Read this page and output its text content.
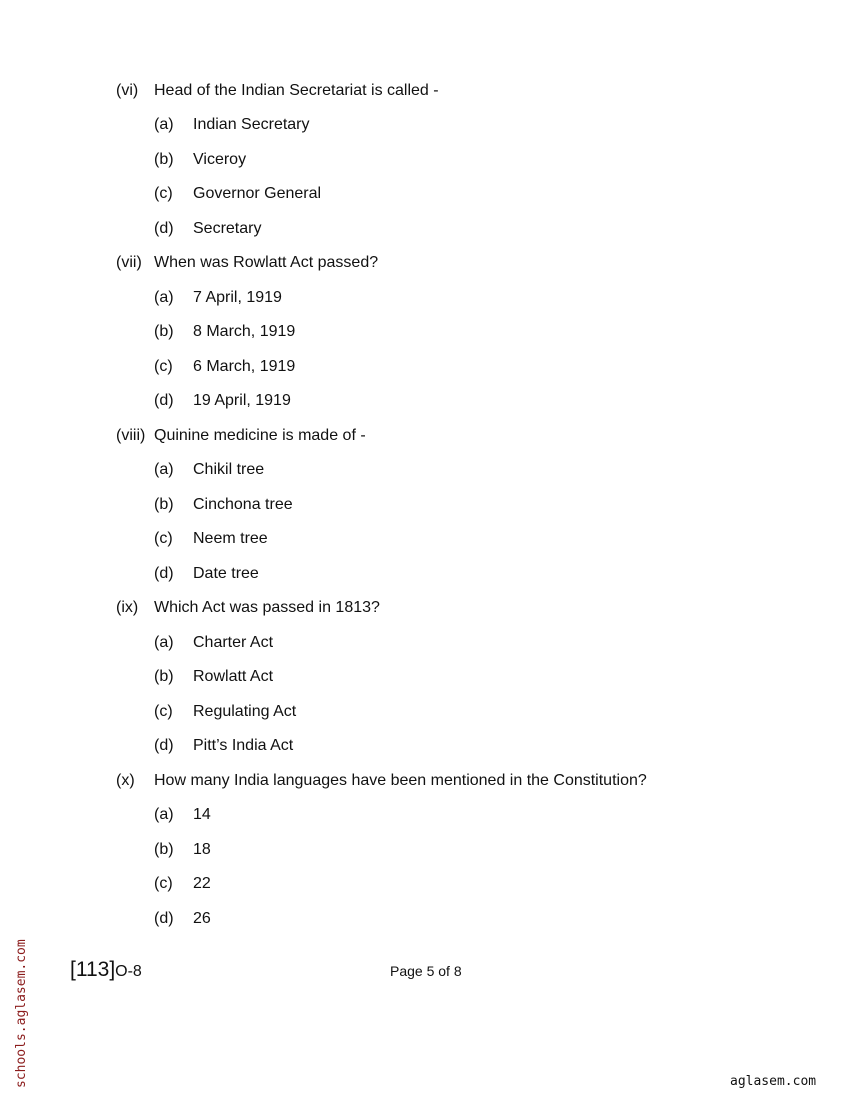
(vi) Head of the Indian Secretariat is called -
(a) Indian Secretary
(b) Viceroy
(c) Governor General
(d) Secretary
(vii) When was Rowlatt Act passed?
(a) 7 April, 1919
(b) 8 March, 1919
(c) 6 March, 1919
(d) 19 April, 1919
(viii) Quinine medicine is made of -
(a) Chikil tree
(b) Cinchona tree
(c) Neem tree
(d) Date tree
(ix) Which Act was passed in 1813?
(a) Charter Act
(b) Rowlatt Act
(c) Regulating Act
(d) Pitt’s India Act
(x) How many India languages have been mentioned in the Constitution?
(a) 14
(b) 18
(c) 22
(d) 26
[113]O-8	Page 5 of 8
schools.aglasem.com	aglasem.com
